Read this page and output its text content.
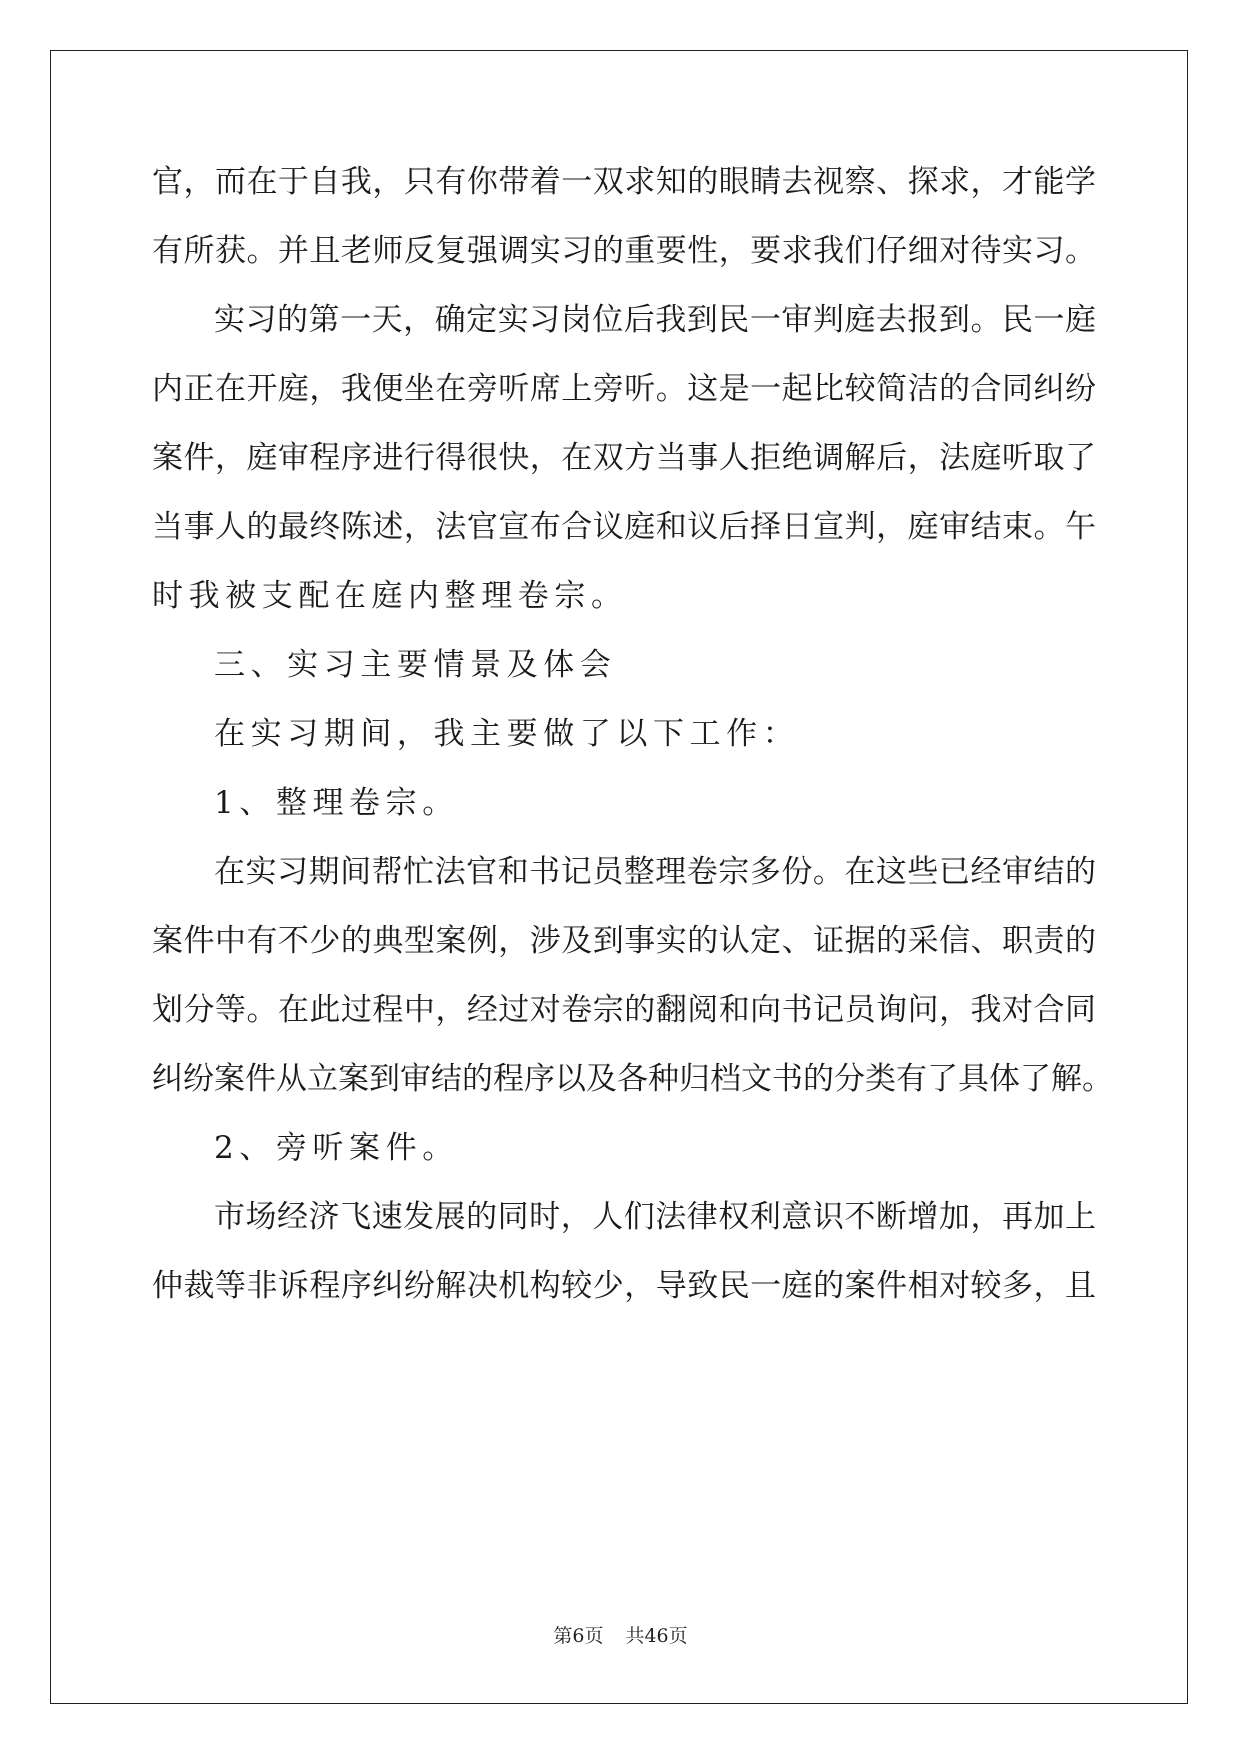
官，而在于自我，只有你带着一双求知的眼睛去视察、探求，才能学
有所获。并且老师反复强调实习的重要性，要求我们仔细对待实习。
实习的第一天，确定实习岗位后我到民一审判庭去报到。民一庭
内正在开庭，我便坐在旁听席上旁听。这是一起比较简洁的合同纠纷
案件，庭审程序进行得很快，在双方当事人拒绝调解后，法庭听取了
当事人的最终陈述，法官宣布合议庭和议后择日宣判，庭审结束。午
时我被支配在庭内整理卷宗。
三、实习主要情景及体会
在实习期间，我主要做了以下工作：
1、整理卷宗。
在实习期间帮忙法官和书记员整理卷宗多份。在这些已经审结的
案件中有不少的典型案例，涉及到事实的认定、证据的采信、职责的
划分等。在此过程中，经过对卷宗的翻阅和向书记员询问，我对合同
纠纷案件从立案到审结的程序以及各种归档文书的分类有了具体了解。
2、旁听案件。
市场经济飞速发展的同时，人们法律权利意识不断增加，再加上
仲裁等非诉程序纠纷解决机构较少，导致民一庭的案件相对较多，且
第6页 共46页
